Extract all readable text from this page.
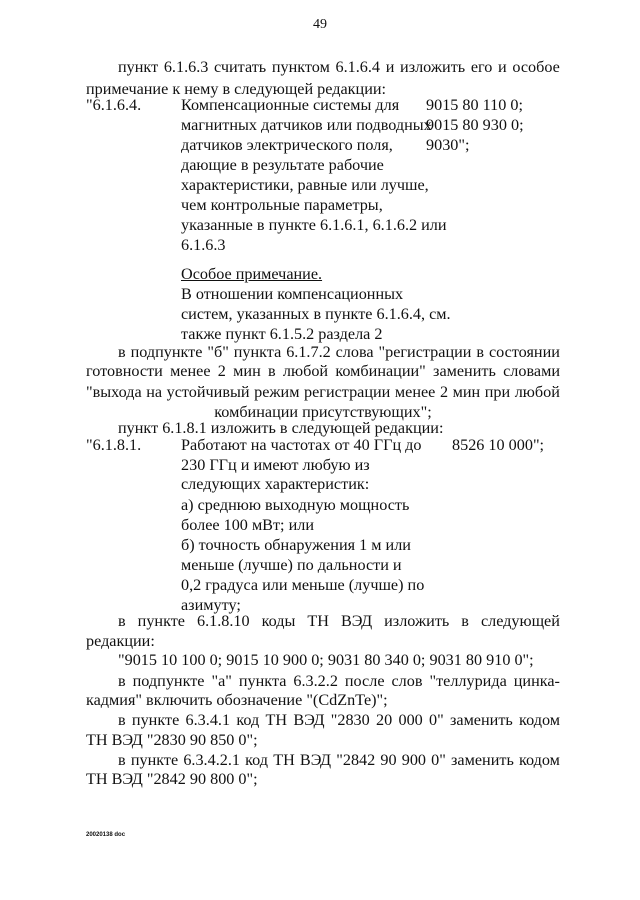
49
пункт 6.1.6.3 считать пунктом 6.1.6.4 и изложить его и особое
примечание к нему в следующей редакции:
"6.1.6.4. Компенсационные системы для
магнитных датчиков или подводных
датчиков электрического поля,
дающие в результате рабочие
характеристики, равные или лучше,
чем контрольные параметры,
указанные в пункте 6.1.6.1, 6.1.6.2 или
6.1.6.3
9015 80 110 0;
9015 80 930 0;
9030";
Особое примечание.
В отношении компенсационных
систем, указанных в пункте 6.1.6.4, см.
также пункт 6.1.5.2 раздела 2
в подпункте "б" пункта 6.1.7.2 слова "регистрации в состоянии
готовности менее 2 мин в любой комбинации" заменить словами
"выхода на устойчивый режим регистрации менее 2 мин при любой
комбинации присутствующих";
пункт 6.1.8.1 изложить в следующей редакции:
"6.1.8.1. Работают на частотах от 40 ГГц до
230 ГГц и имеют любую из
следующих характеристик:
а) среднюю выходную мощность
более 100 мВт; или
б) точность обнаружения 1 м или
меньше (лучше) по дальности и
0,2 градуса или меньше (лучше) по
азимуту;
8526 10 000";
в пункте 6.1.8.10 коды ТН ВЭД изложить в следующей
редакции:
"9015 10 100 0; 9015 10 900 0; 9031 80 340 0; 9031 80 910 0";
в подпункте "а" пункта 6.3.2.2 после слов "теллурида цинка-
кадмия" включить обозначение "(CdZnTe)";
в пункте 6.3.4.1 код ТН ВЭД "2830 20 000 0" заменить кодом
ТН ВЭД "2830 90 850 0";
в пункте 6.3.4.2.1 код ТН ВЭД "2842 90 900 0" заменить кодом
ТН ВЭД "2842 90 800 0";
20020138 doc
